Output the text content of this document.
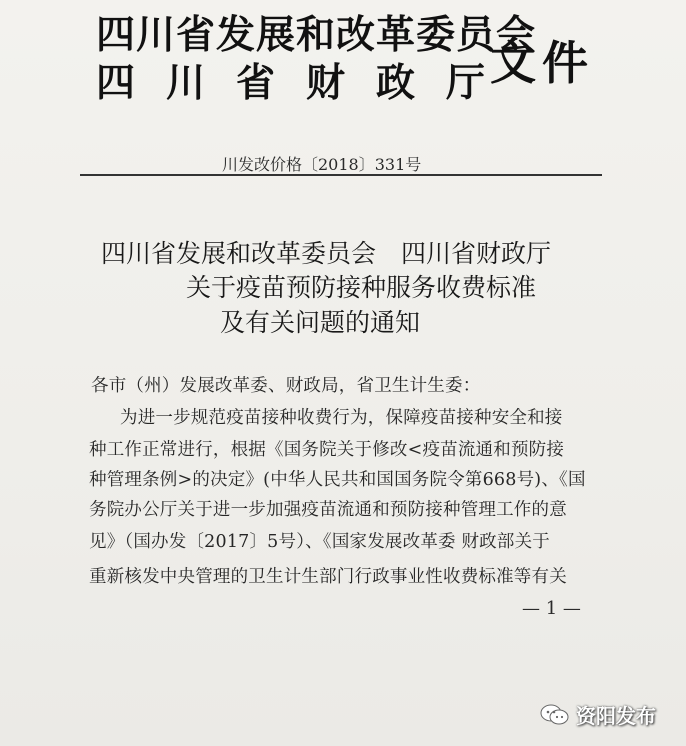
四川省发展和改革委员会
四川省财政厅
文件
川发改价格〔2018〕331号
四川省发展和改革委员会　四川省财政厅
关于疫苗预防接种服务收费标准
及有关问题的通知
各市（州）发展改革委、财政局，省卫生计生委：
为进一步规范疫苗接种收费行为，保障疫苗接种安全和接
种工作正常进行，根据《国务院关于修改<疫苗流通和预防接
种管理条例>的决定》(中华人民共和国国务院令第668号)、《国
务院办公厅关于进一步加强疫苗流通和预防接种管理工作的意
见》（国办发〔2017〕5号）、《国家发展改革委 财政部关于
重新核发中央管理的卫生计生部门行政事业性收费标准等有关
— 1 —
资阳发布
